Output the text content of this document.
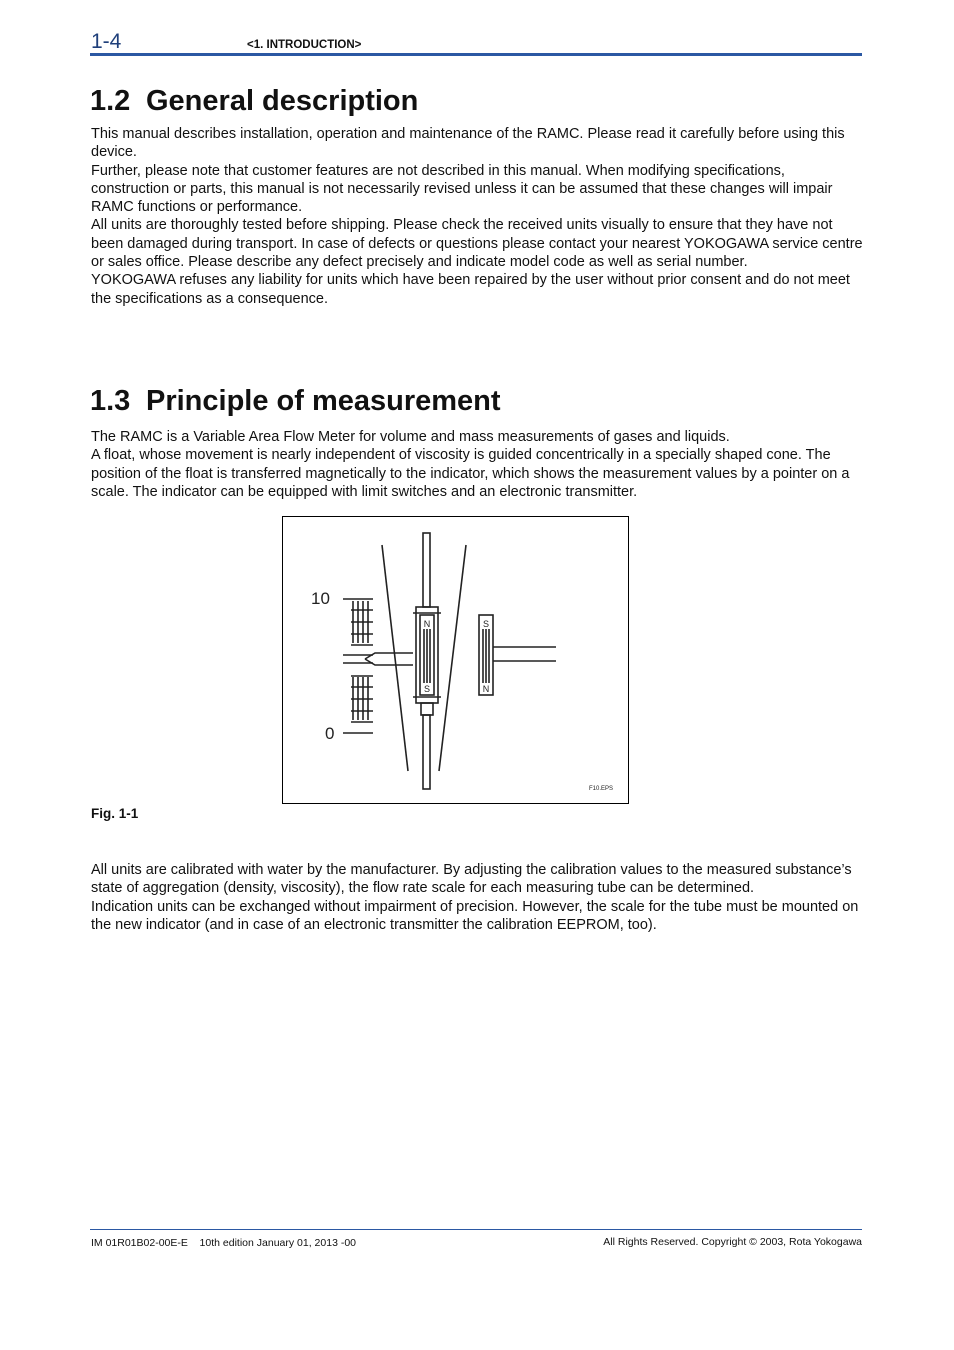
1-4	<1. INTRODUCTION>
1.2 General description

This manual describes installation, operation and maintenance of the RAMC. Please read it carefully before using this device.

Further, please note that customer features are not described in this manual. When modifying specifications, construction or parts, this manual is not necessarily revised unless it can be assumed that these changes will impair RAMC functions or performance.

All units are thoroughly tested before shipping. Please check the received units visually to ensure that they have not been damaged during transport. In case of defects or questions please contact your nearest YOKOGAWA service centre or sales office. Please describe any defect precisely and indicate model code as well as serial number.

YOKOGAWA refuses any liability for units which have been repaired by the user without prior consent and do not meet the specifications as a consequence.

1.3 Principle of measurement

The RAMC is a Variable Area Flow Meter for volume and mass measurements of gases and liquids.

A float, whose movement is nearly independent of viscosity is guided concentrically in a specially shaped cone. The position of the float is transferred magnetically to the indicator, which shows the measurement values by a pointer on a scale. The indicator can be equipped with limit switches and an electronic transmitter.

10
0
N
S
S
N
F10.EPS
Fig. 1-1

All units are calibrated with water by the manufacturer. By adjusting the calibration values to the measured substance’s state of aggregation (density, viscosity), the flow rate scale for each measuring tube can be determined.

Indication units can be exchanged without impairment of precision. However, the scale for the tube must be mounted on the new indicator (and in case of an electronic transmitter the calibration EEPROM, too).

IM 01R01B02-00E-E    10th edition January 01, 2013 -00	All Rights Reserved. Copyright © 2003, Rota Yokogawa
